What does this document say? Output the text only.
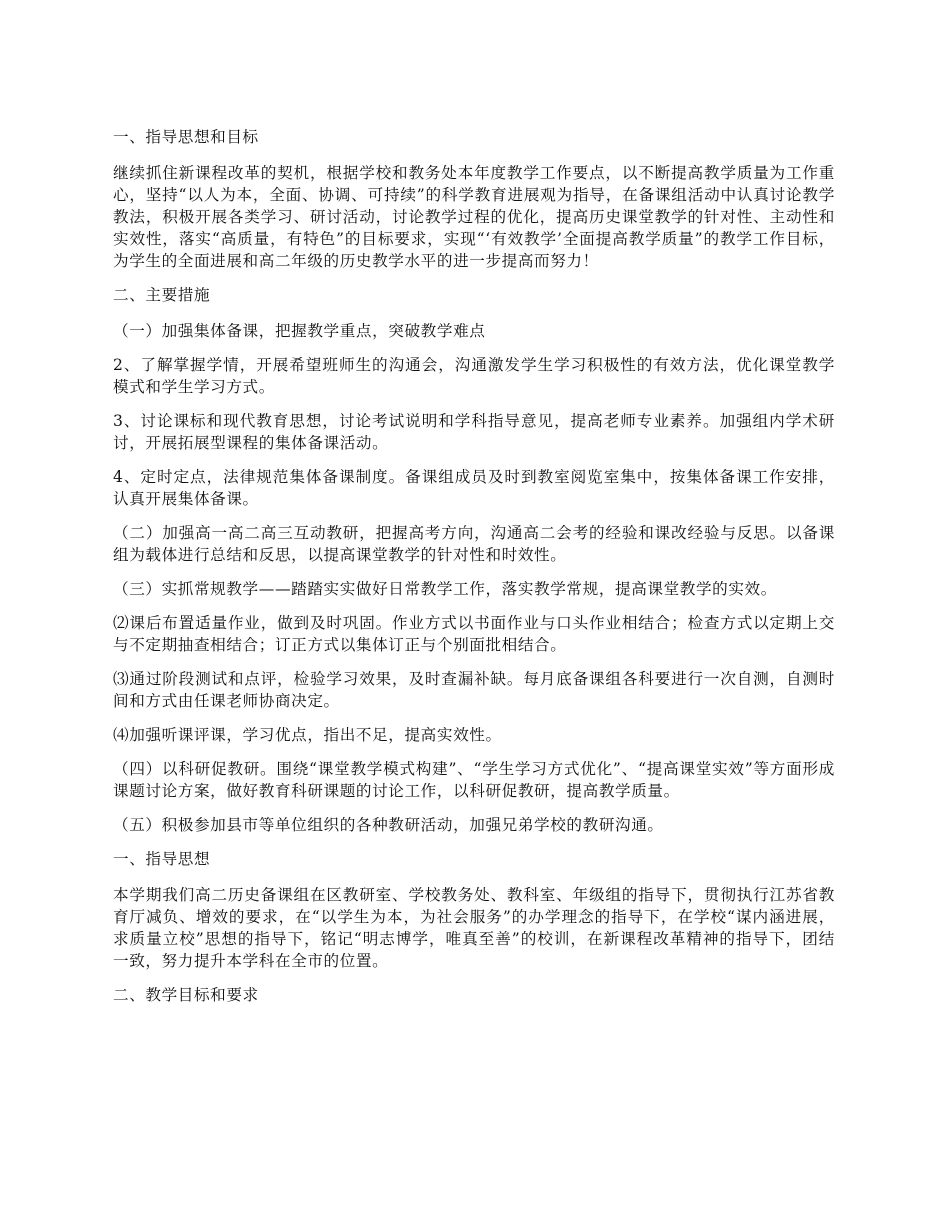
一、指导思想和目标

继续抓住新课程改革的契机，根据学校和教务处本年度教学工作要点，以不断提高教学质量为工作重心，坚持“以人为本，全面、协调、可持续”的科学教育进展观为指导，在备课组活动中认真讨论教学教法，积极开展各类学习、研讨活动，讨论教学过程的优化，提高历史课堂教学的针对性、主动性和实效性，落实“高质量，有特色”的目标要求，实现“‘有效教学’全面提高教学质量”的教学工作目标，为学生的全面进展和高二年级的历史教学水平的进一步提高而努力！

二、主要措施

（一）加强集体备课，把握教学重点，突破教学难点

2、了解掌握学情，开展希望班师生的沟通会，沟通激发学生学习积极性的有效方法，优化课堂教学模式和学生学习方式。

3、讨论课标和现代教育思想，讨论考试说明和学科指导意见，提高老师专业素养。加强组内学术研讨，开展拓展型课程的集体备课活动。

4、定时定点，法律规范集体备课制度。备课组成员及时到教室阅览室集中，按集体备课工作安排，认真开展集体备课。

（二）加强高一高二高三互动教研，把握高考方向，沟通高二会考的经验和课改经验与反思。以备课组为载体进行总结和反思，以提高课堂教学的针对性和时效性。

（三）实抓常规教学——踏踏实实做好日常教学工作，落实教学常规，提高课堂教学的实效。

⑵课后布置适量作业，做到及时巩固。作业方式以书面作业与口头作业相结合；检查方式以定期上交与不定期抽查相结合；订正方式以集体订正与个别面批相结合。

⑶通过阶段测试和点评，检验学习效果，及时查漏补缺。每月底备课组各科要进行一次自测，自测时间和方式由任课老师协商决定。

⑷加强听课评课，学习优点，指出不足，提高实效性。

（四）以科研促教研。围绕“课堂教学模式构建”、“学生学习方式优化”、“提高课堂实效”等方面形成课题讨论方案，做好教育科研课题的讨论工作，以科研促教研，提高教学质量。

（五）积极参加县市等单位组织的各种教研活动，加强兄弟学校的教研沟通。

一、指导思想

本学期我们高二历史备课组在区教研室、学校教务处、教科室、年级组的指导下，贯彻执行江苏省教育厅减负、增效的要求，在“以学生为本，为社会服务”的办学理念的指导下，在学校“谋内涵进展，求质量立校”思想的指导下，铭记“明志博学，唯真至善”的校训，在新课程改革精神的指导下，团结一致，努力提升本学科在全市的位置。

二、教学目标和要求
